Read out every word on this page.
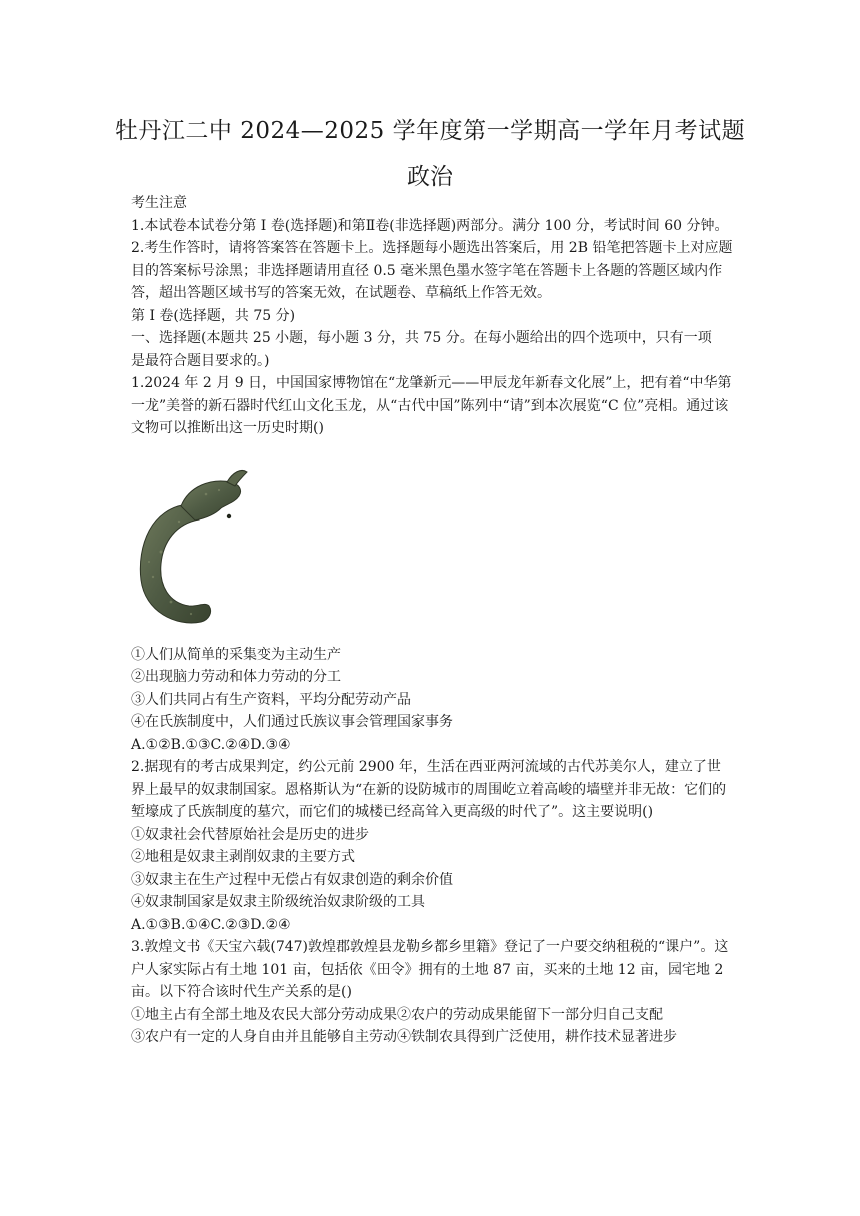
牡丹江二中 2024—2025 学年度第一学期高一学年月考试题
政治

考生注意

1.本试卷本试卷分第 I 卷(选择题)和第Ⅱ卷(非选择题)两部分。满分 100 分，考试时间 60 分钟。

2.考生作答时，请将答案答在答题卡上。选择题每小题选出答案后，用 2B 铅笔把答题卡上对应题目的答案标号涂黑；非选择题请用直径 0.5 毫米黑色墨水签字笔在答题卡上各题的答题区域内作答，超出答题区域书写的答案无效，在试题卷、草稿纸上作答无效。

第 I 卷(选择题，共 75 分)

一、选择题(本题共 25 小题，每小题 3 分，共 75 分。在每小题给出的四个选项中，只有一项是最符合题目要求的。)

1.2024 年 2 月 9 日，中国国家博物馆在“龙肇新元——甲辰龙年新春文化展”上，把有着“中华第一龙”美誉的新石器时代红山文化玉龙，从“古代中国”陈列中“请”到本次展览“C 位”亮相。通过该文物可以推断出这一历史时期()

①人们从简单的采集变为主动生产

②出现脑力劳动和体力劳动的分工

③人们共同占有生产资料，平均分配劳动产品

④在氏族制度中，人们通过氏族议事会管理国家事务

A.①②B.①③C.②④D.③④

2.据现有的考古成果判定，约公元前 2900 年，生活在西亚两河流域的古代苏美尔人，建立了世界上最早的奴隶制国家。恩格斯认为“在新的设防城市的周围屹立着高峻的墙壁并非无故：它们的堑壕成了氏族制度的墓穴，而它们的城楼已经高耸入更高级的时代了”。这主要说明()

①奴隶社会代替原始社会是历史的进步

②地租是奴隶主剥削奴隶的主要方式

③奴隶主在生产过程中无偿占有奴隶创造的剩余价值

④奴隶制国家是奴隶主阶级统治奴隶阶级的工具

A.①③B.①④C.②③D.②④

3.敦煌文书《天宝六载(747)敦煌郡敦煌县龙勒乡都乡里籍》登记了一户要交纳租税的“课户”。这户人家实际占有土地 101 亩，包括依《田令》拥有的土地 87 亩，买来的土地 12 亩，园宅地 2 亩。以下符合该时代生产关系的是()

①地主占有全部土地及农民大部分劳动成果②农户的劳动成果能留下一部分归自己支配

③农户有一定的人身自由并且能够自主劳动④铁制农具得到广泛使用，耕作技术显著进步
